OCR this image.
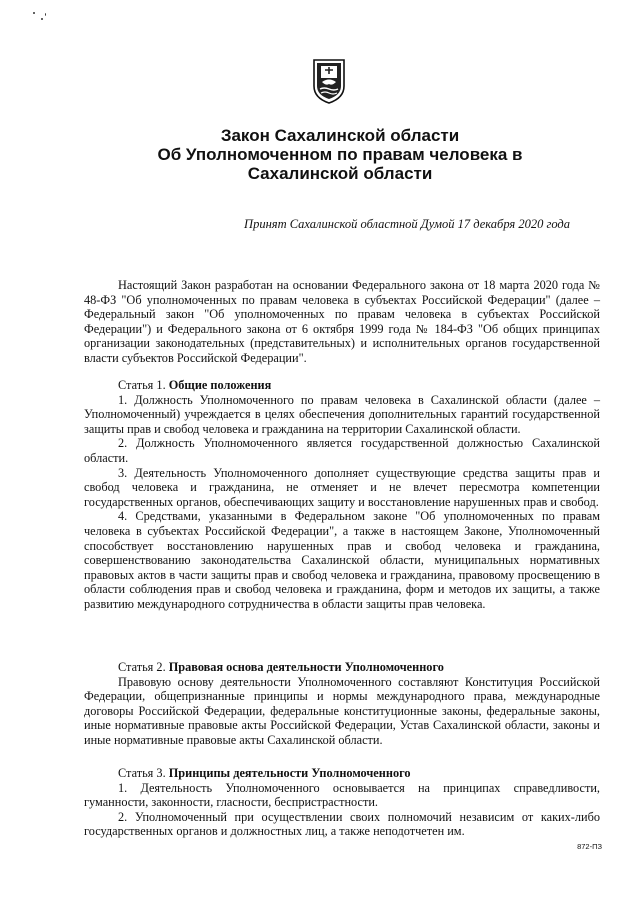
Закон Сахалинской области
Об Уполномоченном по правам человека в
Сахалинской области
Принят Сахалинской областной Думой 17 декабря 2020 года

Настоящий Закон разработан на основании Федерального закона от 18 марта 2020 года № 48-ФЗ "Об уполномоченных по правам человека в субъектах Российской Федерации" (далее – Федеральный закон "Об уполномоченных по правам человека в субъектах Российской Федерации") и Федерального закона от 6 октября 1999 года № 184-ФЗ "Об общих принципах организации законодательных (представительных) и исполнительных органов государственной власти субъектов Российской Федерации".

Статья 1. Общие положения

1. Должность Уполномоченного по правам человека в Сахалинской области (далее – Уполномоченный) учреждается в целях обеспечения дополнительных гарантий государственной защиты прав и свобод человека и гражданина на территории Сахалинской области.

2. Должность Уполномоченного является государственной должностью Сахалинской области.

3. Деятельность Уполномоченного дополняет существующие средства защиты прав и свобод человека и гражданина, не отменяет и не влечет пересмотра компетенции государственных органов, обеспечивающих защиту и восстановление нарушенных прав и свобод.

4. Средствами, указанными в Федеральном законе "Об уполномоченных по правам человека в субъектах Российской Федерации", а также в настоящем Законе, Уполномоченный способствует восстановлению нарушенных прав и свобод человека и гражданина, совершенствованию законодательства Сахалинской области, муниципальных нормативных правовых актов в части защиты прав и свобод человека и гражданина, правовому просвещению в области соблюдения прав и свобод человека и гражданина, форм и методов их защиты, а также развитию международного сотрудничества в области защиты прав человека.

Статья 2. Правовая основа деятельности Уполномоченного

Правовую основу деятельности Уполномоченного составляют Конституция Российской Федерации, общепризнанные принципы и нормы международного права, международные договоры Российской Федерации, федеральные конституционные законы, федеральные законы, иные нормативные правовые акты Российской Федерации, Устав Сахалинской области, законы и иные нормативные правовые акты Сахалинской области.

Статья 3. Принципы деятельности Уполномоченного

1. Деятельность Уполномоченного основывается на принципах справедливости, гуманности, законности, гласности, беспристрастности.

2. Уполномоченный при осуществлении своих полномочий независим от каких-либо государственных органов и должностных лиц, а также неподотчетен им.

872-ПЗ
